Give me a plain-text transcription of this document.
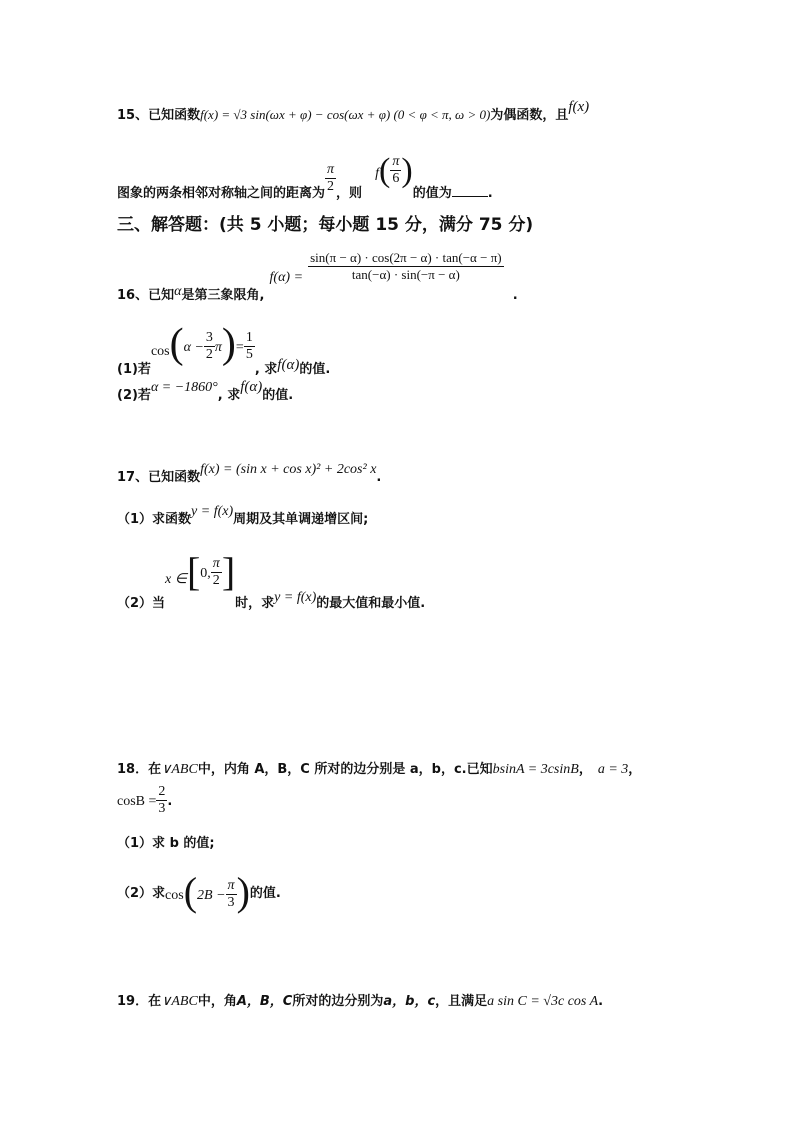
15、已知函数f(x) = √3 sin(ωx + φ) − cos(ωx + φ) (0 < φ < π, ω > 0)为偶函数，且f(x)
$_{图象的两条相邻对称轴之间的距离为} \frac{\pi}{2} _{,则}$ $f( \frac{\pi}{6} )_{的值为}$	$_.$
三、解答题：(共 5 小题；每小题 15 分，满分 75 分)
$_{16、已知}\alpha_{是第三象限角,}$ $f(\alpha) = \frac{\sin(\pi - \alpha) \cdot \cos(2\pi - \alpha) \cdot \tan(-\alpha - \pi)}{\tan(-\alpha) \cdot \sin(-\pi - \alpha)}$
$_.$
$_{(1)若}\cos(\alpha - \frac{3}{2} \pi)= \frac{1}{5}$
$_{, 求}f(\alpha)_{的值.}$
$_{(2)若}\alpha = -1860^\circ_{, 求}f(\alpha)_{的值.}$
$_{17、已知函数}$f(x) = (sin x + cos x)² + 2cos² $x_.$
$_{(1)求函数}y = f(x)_{周期及其单调递增区间;}$
$_{(2)当}$x ∈[0, $\frac{\pi}{2} ]_{时,求}y = f(x)_{的最大值和最小值.}$
18．在∨ABC中，内角 A，B，C 所对的边分别是 a，b，c.已知bsinA = 3csinB， a = 3，
$\cos B = \frac{2}{3}$ .
（1）求 b 的值;
（2）求$\cos(2B - \frac{\pi}{3}$ )的值.
19．在∨ABC中，角A，B，C所对的边分别为a，b，c，且满足a sin C = √3c cos A.
